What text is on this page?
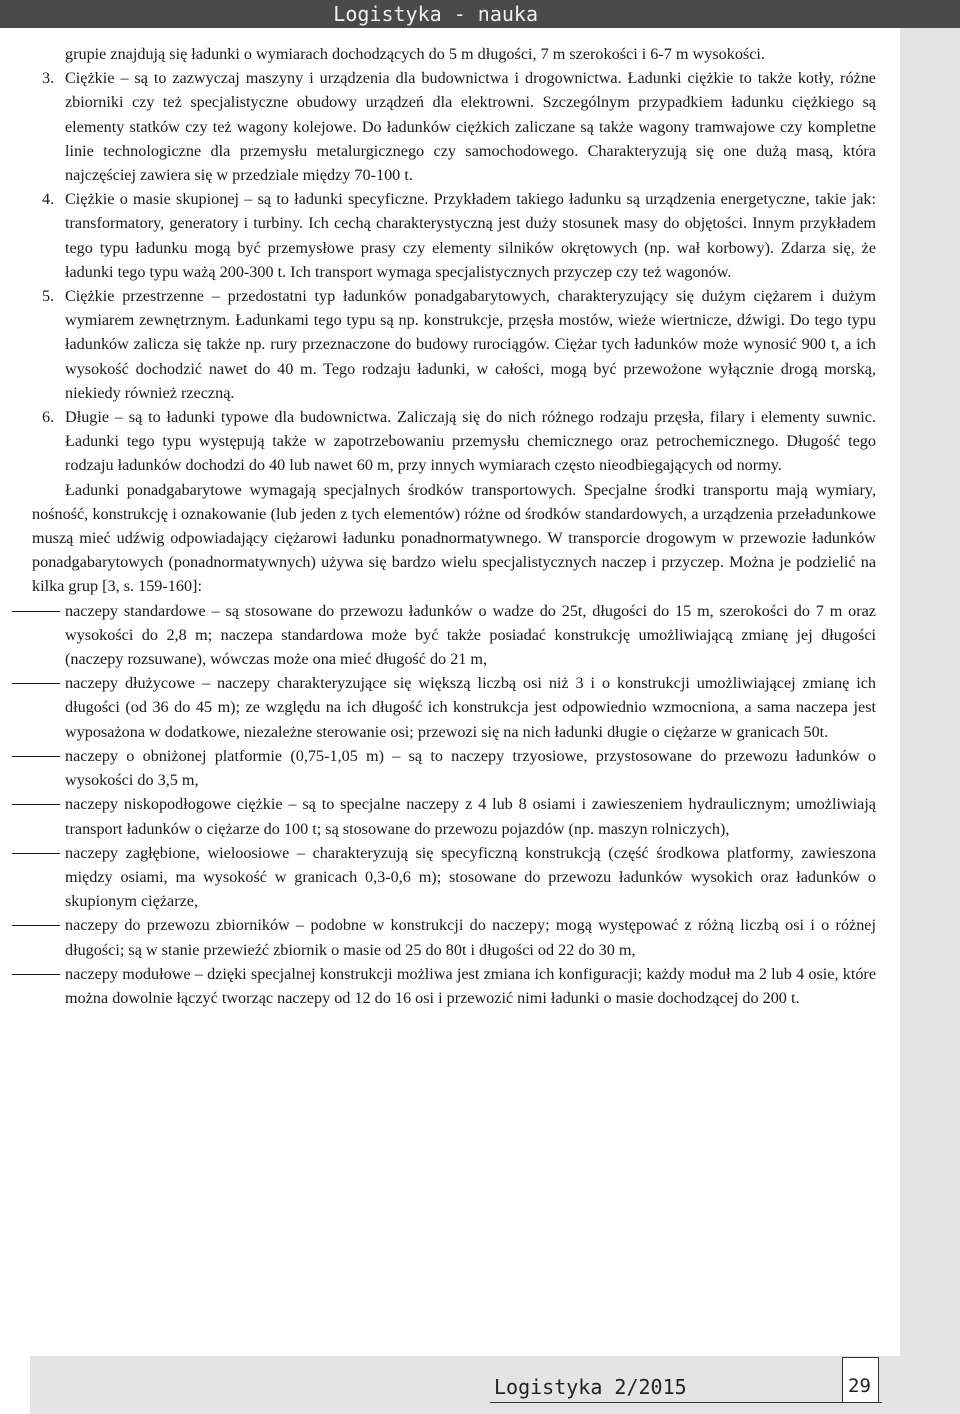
Logistyka - nauka

grupie znajdują się ładunki o wymiarach dochodzących do 5 m długości, 7 m szerokości i 6-7 m wysokości.

3. Ciężkie – są to zazwyczaj maszyny i urządzenia dla budownictwa i drogownictwa. Ładunki ciężkie to także kotły, różne zbiorniki czy też specjalistyczne obudowy urządzeń dla elektrowni. Szczególnym przypadkiem ładunku ciężkiego są elementy statków czy też wagony kolejowe. Do ładunków ciężkich zaliczane są także wagony tramwajowe czy kompletne linie technologiczne dla przemysłu metalurgicznego czy samochodowego. Charakteryzują się one dużą masą, która najczęściej zawiera się w przedziale między 70-100 t.

4. Ciężkie o masie skupionej – są to ładunki specyficzne. Przykładem takiego ładunku są urządzenia energetyczne, takie jak: transformatory, generatory i turbiny. Ich cechą charakterystyczną jest duży stosunek masy do objętości. Innym przykładem tego typu ładunku mogą być przemysłowe prasy czy elementy silników okrętowych (np. wał korbowy). Zdarza się, że ładunki tego typu ważą 200-300 t. Ich transport wymaga specjalistycznych przyczep czy też wagonów.

5. Ciężkie przestrzenne – przedostatni typ ładunków ponadgabarytowych, charakteryzujący się dużym ciężarem i dużym wymiarem zewnętrznym. Ładunkami tego typu są np. konstrukcje, przęsła mostów, wieże wiertnicze, dźwigi. Do tego typu ładunków zalicza się także np. rury przeznaczone do budowy rurociągów. Ciężar tych ładunków może wynosić 900 t, a ich wysokość dochodzić nawet do 40 m. Tego rodzaju ładunki, w całości, mogą być przewożone wyłącznie drogą morską, niekiedy również rzeczną.

6. Długie – są to ładunki typowe dla budownictwa. Zaliczają się do nich różnego rodzaju przęsła, filary i elementy suwnic. Ładunki tego typu występują także w zapotrzebowaniu przemysłu chemicznego oraz petrochemicznego. Długość tego rodzaju ładunków dochodzi do 40 lub nawet 60 m, przy innych wymiarach często nieodbiegających od normy.

Ładunki ponadgabarytowe wymagają specjalnych środków transportowych. Specjalne środki transportu mają wymiary, nośność, konstrukcję i oznakowanie (lub jeden z tych elementów) różne od środków standardowych, a urządzenia przeładunkowe muszą mieć udźwig odpowiadający ciężarowi ładunku ponadnormatywnego. W transporcie drogowym w przewozie ładunków ponadgabarytowych (ponadnormatywnych) używa się bardzo wielu specjalistycznych naczep i przyczep. Można je podzielić na kilka grup [3, s. 159-160]:

naczepy standardowe – są stosowane do przewozu ładunków o wadze do 25t, długości do 15 m, szerokości do 7 m oraz wysokości do 2,8 m; naczepa standardowa może być także posiadać konstrukcję umożliwiającą zmianę jej długości (naczepy rozsuwane), wówczas może ona mieć długość do 21 m,

naczepy dłużycowe – naczepy charakteryzujące się większą liczbą osi niż 3 i o konstrukcji umożliwiającej zmianę ich długości (od 36 do 45 m); ze względu na ich długość ich konstrukcja jest odpowiednio wzmocniona, a sama naczepa jest wyposażona w dodatkowe, niezależne sterowanie osi; przewozi się na nich ładunki długie o ciężarze w granicach 50t.

naczepy o obniżonej platformie (0,75-1,05 m) – są to naczepy trzyosiowe, przystosowane do przewozu ładunków o wysokości do 3,5 m,

naczepy niskopodłogowe ciężkie – są to specjalne naczepy z 4 lub 8 osiami i zawieszeniem hydraulicznym; umożliwiają transport ładunków o ciężarze do 100 t; są stosowane do przewozu pojazdów (np. maszyn rolniczych),

naczepy zagłębione, wieloosiowe – charakteryzują się specyficzną konstrukcją (część środkowa platformy, zawieszona między osiami, ma wysokość w granicach 0,3-0,6 m); stosowane do przewozu ładunków wysokich oraz ładunków o skupionym ciężarze,

naczepy do przewozu zbiorników – podobne w konstrukcji do naczepy; mogą występować z różną liczbą osi i o różnej długości; są w stanie przewieźć zbiornik o masie od 25 do 80t i długości od 22 do 30 m,

naczepy modułowe – dzięki specjalnej konstrukcji możliwa jest zmiana ich konfiguracji; każdy moduł ma 2 lub 4 osie, które można dowolnie łączyć tworząc naczepy od 12 do 16 osi i przewozić nimi ładunki o masie dochodzącej do 200 t.

Logistyka 2/2015	29
